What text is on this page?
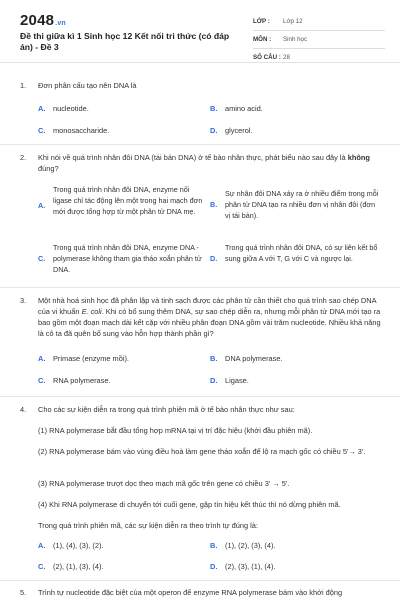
2048.vn
Đề thi giữa kì 1 Sinh học 12 Kết nối tri thức (có đáp án) - Đề 3
LỚP :	Lớp 12
MÔN :	Sinh học
SỐ CÂU : 28
1. Đơn phân cấu tạo nên DNA là
A. nucleotide.	B. amino acid.
C. monosaccharide.	D. glycerol.
2. Khi nói về quá trình nhân đôi DNA (tái bản DNA) ở tế bào nhân thực, phát biểu nào sau đây là không đúng?
A.
Trong quá trình nhân đôi DNA, enzyme nối ligase chỉ tác động lên một trong hai mạch đơn mới được tổng hợp từ một phân tử DNA mẹ.
B.
Sự nhân đôi DNA xảy ra ở nhiều điểm trong mỗi phân tử DNA tạo ra nhiều đơn vị nhân đôi (đơn vị tái bản).
C.
Trong quá trình nhân đôi DNA, enzyme DNA - polymerase không tham gia tháo xoắn phân tử DNA.
D.
Trong quá trình nhân đôi DNA, có sự liên kết bổ sung giữa A với T, G với C và ngược lại.
3. Một nhà hoá sinh học đã phân lập và tinh sạch được các phân tử cần thiết cho quá trình sao chép DNA của vi khuẩn E. coli. Khi có bổ sung thêm DNA, sự sao chép diễn ra, nhưng mỗi phân tử DNA mới tạo ra bao gồm một đoạn mạch dài kết cặp với nhiều phân đoạn DNA gồm vài trăm nucleotide. Nhiều khả năng là cô ta đã quên bổ sung vào hỗn hợp thành phần gì?
A. Primase (enzyme mồi).	B. DNA polymerase.
C. RNA polymerase.	D. Ligase.
4. Cho các sự kiện diễn ra trong quá trình phiên mã ở tế bào nhân thực như sau:
(1) RNA polymerase bắt đầu tổng hợp mRNA tại vị trí đặc hiệu (khởi đầu phiên mã).
(2) RNA polymerase bám vào vùng điều hoà làm gene tháo xoắn để lộ ra mạch gốc có chiều 5'→ 3'.
(3) RNA polymerase trượt dọc theo mạch mã gốc trên gene có chiều 3' → 5'.
(4) Khi RNA polymerase di chuyển tới cuối gene, gặp tín hiệu kết thúc thì nó dừng phiên mã.
Trong quá trình phiên mã, các sự kiện diễn ra theo trình tự đúng là:
A. (1), (4), (3), (2).	B. (1), (2), (3), (4).
C. (2), (1), (3), (4).	D. (2), (3), (1), (4).
5. Trình tự nucleotide đặc biệt của một operon để enzyme RNA polymerase bám vào khởi động
